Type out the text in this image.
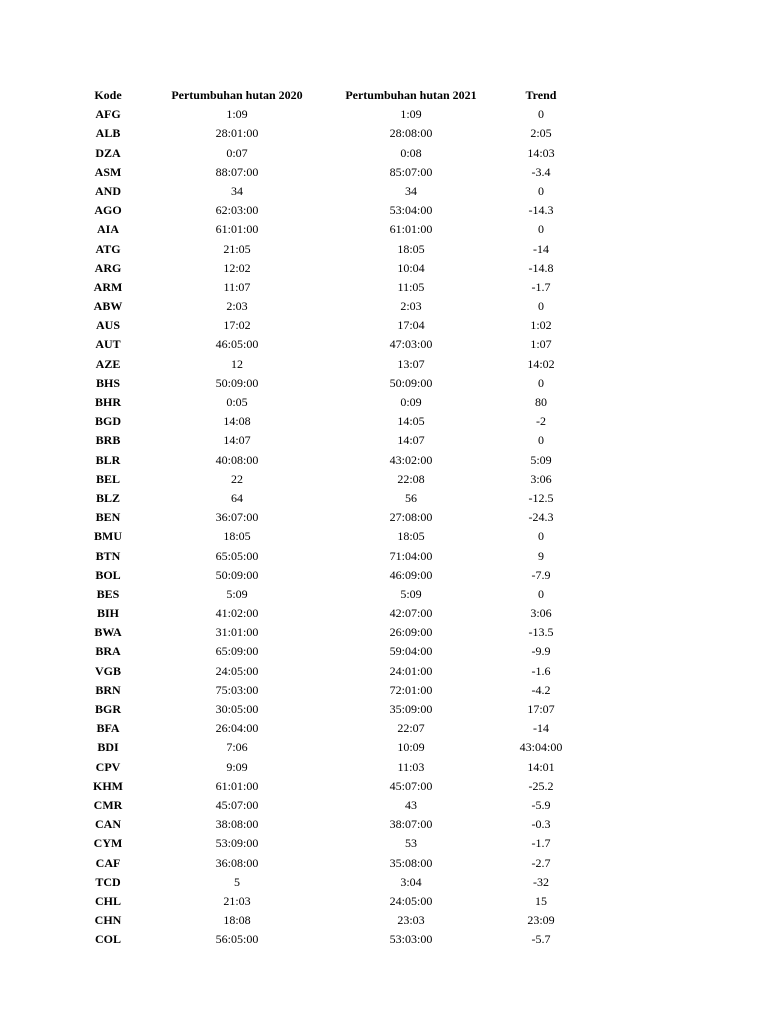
Kode	Pertumbuhan hutan 2020	Pertumbuhan hutan 2021	Trend
AFG	1:09	1:09	0
ALB	28:01:00	28:08:00	2:05
DZA	0:07	0:08	14:03
ASM	88:07:00	85:07:00	-3.4
AND	34	34	0
AGO	62:03:00	53:04:00	-14.3
AIA	61:01:00	61:01:00	0
ATG	21:05	18:05	-14
ARG	12:02	10:04	-14.8
ARM	11:07	11:05	-1.7
ABW	2:03	2:03	0
AUS	17:02	17:04	1:02
AUT	46:05:00	47:03:00	1:07
AZE	12	13:07	14:02
BHS	50:09:00	50:09:00	0
BHR	0:05	0:09	80
BGD	14:08	14:05	-2
BRB	14:07	14:07	0
BLR	40:08:00	43:02:00	5:09
BEL	22	22:08	3:06
BLZ	64	56	-12.5
BEN	36:07:00	27:08:00	-24.3
BMU	18:05	18:05	0
BTN	65:05:00	71:04:00	9
BOL	50:09:00	46:09:00	-7.9
BES	5:09	5:09	0
BIH	41:02:00	42:07:00	3:06
BWA	31:01:00	26:09:00	-13.5
BRA	65:09:00	59:04:00	-9.9
VGB	24:05:00	24:01:00	-1.6
BRN	75:03:00	72:01:00	-4.2
BGR	30:05:00	35:09:00	17:07
BFA	26:04:00	22:07	-14
BDI	7:06	10:09	43:04:00
CPV	9:09	11:03	14:01
KHM	61:01:00	45:07:00	-25.2
CMR	45:07:00	43	-5.9
CAN	38:08:00	38:07:00	-0.3
CYM	53:09:00	53	-1.7
CAF	36:08:00	35:08:00	-2.7
TCD	5	3:04	-32
CHL	21:03	24:05:00	15
CHN	18:08	23:03	23:09
COL	56:05:00	53:03:00	-5.7
